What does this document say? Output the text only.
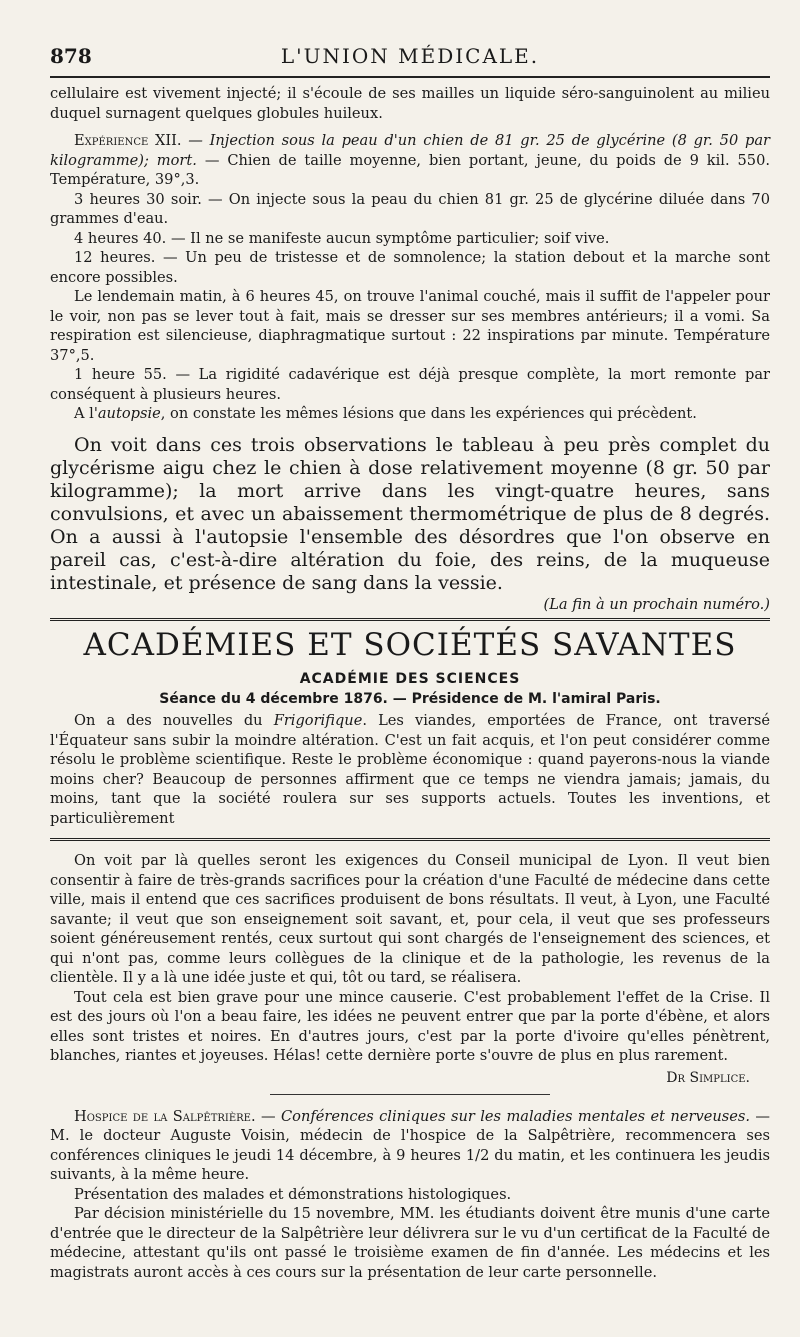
878	L'UNION MÉDICALE.

cellulaire est vivement injecté; il s'écoule de ses mailles un liquide séro-sanguinolent au milieu duquel surnagent quelques globules huileux.

Expérience XII. — Injection sous la peau d'un chien de 81 gr. 25 de glycérine (8 gr. 50 par kilogramme); mort. — Chien de taille moyenne, bien portant, jeune, du poids de 9 kil. 550. Température, 39°,3.

3 heures 30 soir. — On injecte sous la peau du chien 81 gr. 25 de glycérine diluée dans 70 grammes d'eau.

4 heures 40. — Il ne se manifeste aucun symptôme particulier; soif vive.

12 heures. — Un peu de tristesse et de somnolence; la station debout et la marche sont encore possibles.

Le lendemain matin, à 6 heures 45, on trouve l'animal couché, mais il suffit de l'appeler pour le voir, non pas se lever tout à fait, mais se dresser sur ses membres antérieurs; il a vomi. Sa respiration est silencieuse, diaphragmatique surtout : 22 inspirations par minute. Température 37°,5.

1 heure 55. — La rigidité cadavérique est déjà presque complète, la mort remonte par conséquent à plusieurs heures.

A l'autopsie, on constate les mêmes lésions que dans les expériences qui précèdent.

On voit dans ces trois observations le tableau à peu près complet du glycérisme aigu chez le chien à dose relativement moyenne (8 gr. 50 par kilogramme); la mort arrive dans les vingt-quatre heures, sans convulsions, et avec un abaissement thermométrique de plus de 8 degrés. On a aussi à l'autopsie l'ensemble des désordres que l'on observe en pareil cas, c'est-à-dire altération du foie, des reins, de la muqueuse intestinale, et présence de sang dans la vessie.

(La fin à un prochain numéro.)

ACADÉMIES ET SOCIÉTÉS SAVANTES
ACADÉMIE DES SCIENCES
Séance du 4 décembre 1876. — Présidence de M. l'amiral Paris.

On a des nouvelles du Frigorifique. Les viandes, emportées de France, ont traversé l'Équateur sans subir la moindre altération. C'est un fait acquis, et l'on peut considérer comme résolu le problème scientifique. Reste le problème économique : quand payerons-nous la viande moins cher? Beaucoup de personnes affirment que ce temps ne viendra jamais; jamais, du moins, tant que la société roulera sur ses supports actuels. Toutes les inventions, et particulièrement

On voit par là quelles seront les exigences du Conseil municipal de Lyon. Il veut bien consentir à faire de très-grands sacrifices pour la création d'une Faculté de médecine dans cette ville, mais il entend que ces sacrifices produisent de bons résultats. Il veut, à Lyon, une Faculté savante; il veut que son enseignement soit savant, et, pour cela, il veut que ses professeurs soient généreusement rentés, ceux surtout qui sont chargés de l'enseignement des sciences, et qui n'ont pas, comme leurs collègues de la clinique et de la pathologie, les revenus de la clientèle. Il y a là une idée juste et qui, tôt ou tard, se réalisera.

Tout cela est bien grave pour une mince causerie. C'est probablement l'effet de la Crise. Il est des jours où l'on a beau faire, les idées ne peuvent entrer que par la porte d'ébène, et alors elles sont tristes et noires. En d'autres jours, c'est par la porte d'ivoire qu'elles pénètrent, blanches, riantes et joyeuses. Hélas! cette dernière porte s'ouvre de plus en plus rarement.

Dr Simplice.

Hospice de la Salpêtrière. — Conférences cliniques sur les maladies mentales et nerveuses. — M. le docteur Auguste Voisin, médecin de l'hospice de la Salpêtrière, recommencera ses conférences cliniques le jeudi 14 décembre, à 9 heures 1/2 du matin, et les continuera les jeudis suivants, à la même heure.

Présentation des malades et démonstrations histologiques.

Par décision ministérielle du 15 novembre, MM. les étudiants doivent être munis d'une carte d'entrée que le directeur de la Salpêtrière leur délivrera sur le vu d'un certificat de la Faculté de médecine, attestant qu'ils ont passé le troisième examen de fin d'année. Les médecins et les magistrats auront accès à ces cours sur la présentation de leur carte personnelle.
